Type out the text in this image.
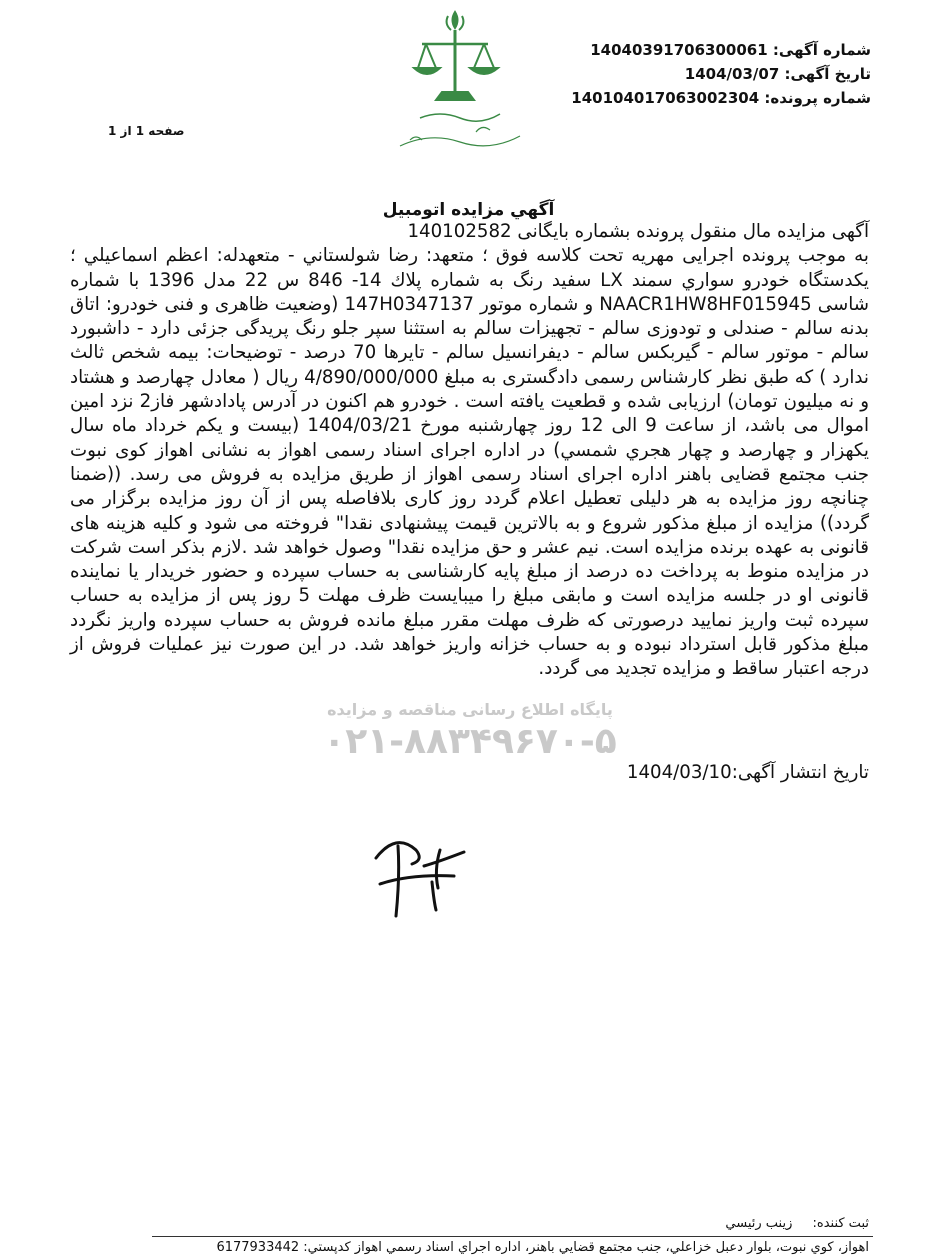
شماره آگهی: 14040391706300061
تاریخ آگهی: 1404/03/07
شماره پرونده: 14010401706300230​4
صفحه 1 از 1
آگهي مزايده اتومبيل
پایگاه اطلاع رسانی مناقصه و مزایده
۰۲۱-۸۸۳۴۹۶۷۰-۵

آگهی مزایده مال منقول پرونده بشماره بایگانی 140102582

به موجب پرونده اجرایی مهریه تحت کلاسه فوق ؛ متعهد: رضا شولستاني - متعهدله: اعظم اسماعيلي ؛ یکدستگاه خودرو سواري سمند LX سفید رنگ به شماره پلاك 14- 846 س 22 مدل 1396 با شماره شاسی NAACR1HW8HF015945 و شماره موتور 147H0347137 (وضعیت ظاهری و فنی خودرو: اتاق بدنه سالم - صندلی و تودوزی سالم - تجهیزات سالم به استثنا سپر جلو رنگ پریدگی جزئی دارد - داشبورد سالم - موتور سالم - گیربکس سالم - دیفرانسیل سالم - تایرها 70 درصد - توضیحات: بیمه شخص ثالث ندارد ) که طبق نظر کارشناس رسمی دادگستری به مبلغ 4/890/000/000 ریال ( معادل چهارصد و هشتاد و نه میلیون تومان) ارزیابی شده و قطعیت یافته است . خودرو هم اکنون در آدرس پادادشهر فاز2 نزد امین اموال می باشد، از ساعت 9 الی 12 روز چهارشنبه مورخ 1404/03/21 (بیست و یکم خرداد ماه سال یکهزار و چهارصد و چهار هجري شمسي) در اداره اجرای اسناد رسمی اهواز به نشانی اهواز کوی نبوت جنب مجتمع قضایی باهنر اداره اجرای اسناد رسمی اهواز از طریق مزایده به فروش می رسد. ((ضمنا چنانچه روز مزایده به هر دلیلی تعطیل اعلام گردد روز کاری بلافاصله پس از آن روز مزایده برگزار می گردد)) مزایده از مبلغ مذکور شروع و به بالاترین قیمت پیشنهادی نقدا" فروخته می شود و کلیه هزینه های قانونی به عهده برنده مزایده است. نیم عشر و حق مزایده نقدا" وصول خواهد شد .لازم بذکر است شرکت در مزایده منوط به پرداخت ده درصد از مبلغ پایه کارشناسی به حساب سپرده و حضور خریدار یا نماینده قانونی او در جلسه مزایده است و مابقی مبلغ را میبایست ظرف مهلت 5 روز پس از مزایده به حساب سپرده ثبت واریز نمایید درصورتی که ظرف مهلت مقرر مبلغ مانده فروش به حساب سپرده واریز نگردد مبلغ مذکور قابل استرداد نبوده و به حساب خزانه واریز خواهد شد. در این صورت نیز عملیات فروش از درجه اعتبار ساقط و مزایده تجدید می گردد.

تاریخ انتشار آگهی:1404/03/10
ثبت كننده: زينب رئيسي
اهواز، كوي نبوت، بلوار دعبل خزاعلي، جنب مجتمع قضايي باهنر، اداره اجراي اسناد رسمي اهواز كدپستي: 6177933442
